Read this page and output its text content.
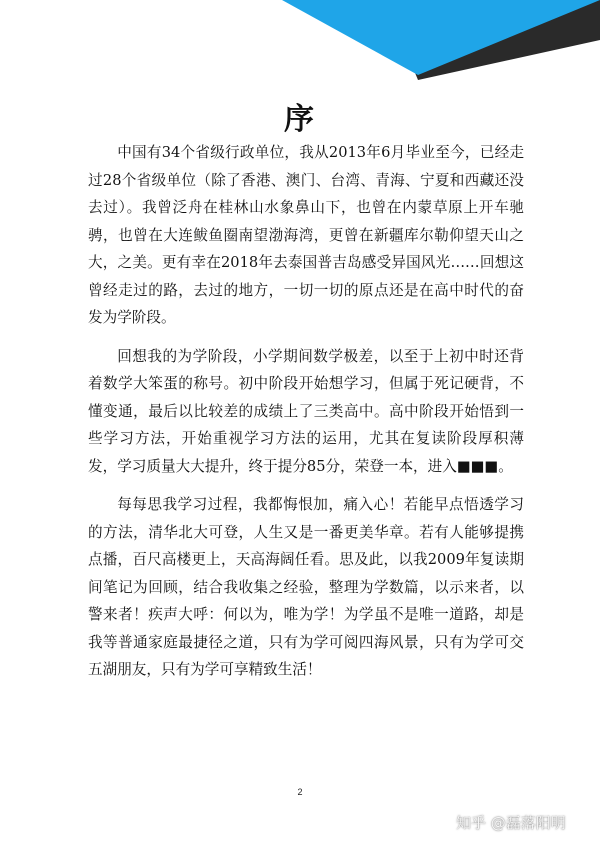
序

中国有34个省级行政单位，我从2013年6月毕业至今，已经走过28个省级单位（除了香港、澳门、台湾、青海、宁夏和西藏还没去过）。我曾泛舟在桂林山水象鼻山下，也曾在内蒙草原上开车驰骋，也曾在大连鲅鱼圈南望渤海湾，更曾在新疆库尔勒仰望天山之大，之美。更有幸在2018年去泰国普吉岛感受异国风光……回想这曾经走过的路，去过的地方，一切一切的原点还是在高中时代的奋发为学阶段。

回想我的为学阶段，小学期间数学极差，以至于上初中时还背着数学大笨蛋的称号。初中阶段开始想学习，但属于死记硬背，不懂变通，最后以比较差的成绩上了三类高中。高中阶段开始悟到一些学习方法，开始重视学习方法的运用，尤其在复读阶段厚积薄发，学习质量大大提升，终于提分85分，荣登一本，进入■■■。

每每思我学习过程，我都悔恨加，痛入心！若能早点悟透学习的方法，清华北大可登，人生又是一番更美华章。若有人能够提携点播，百尺高楼更上，天高海阔任看。思及此，以我2009年复读期间笔记为回顾，结合我收集之经验，整理为学数篇，以示来者，以警来者！疾声大呼：何以为，唯为学！为学虽不是唯一道路，却是我等普通家庭最捷径之道，只有为学可阅四海风景，只有为学可交五湖朋友，只有为学可享精致生活！

2
知乎 @磊落阳明
